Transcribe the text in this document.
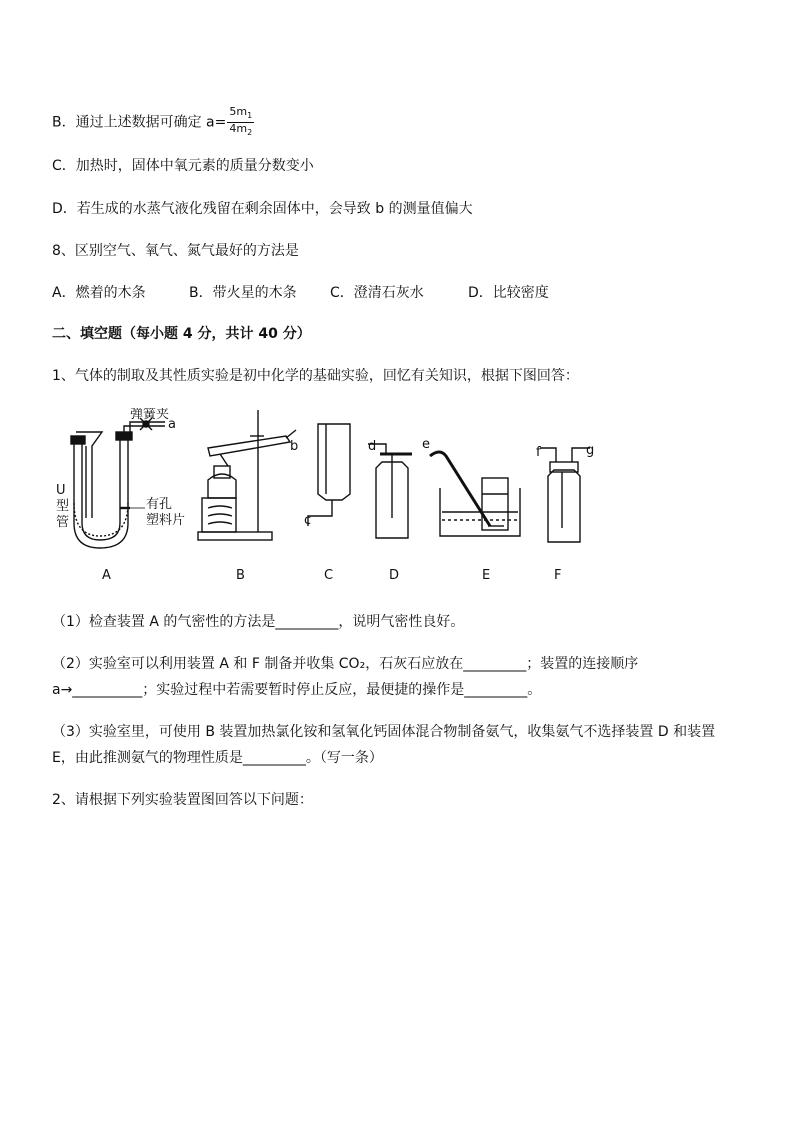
B．通过上述数据可确定 $a= \frac{5m_1}{4m_2}$
C．加热时，固体中氧元素的质量分数变小
D．若生成的水蒸气液化残留在剩余固体中，会导致 b 的测量值偏大
8、区别空气、氧气、氮气最好的方法是
A．燃着的木条	B．带火星的木条 C．澄清石灰水	D．比较密度
二、填空题（每小题 4 分，共计 40 分）
1、气体的制取及其性质实验是初中化学的基础实验，回忆有关知识，根据下图回答：
弹簧夹
a
U
型
管
有孔
塑料片
b
c
d	e
f	g
A	B	C	D	E	F
（1）检查装置 A 的气密性的方法是_________，说明气密性良好。
（2）实验室可以利用装置 A 和 F 制备并收集 CO₂，石灰石应放在_________；装置的连接顺序
a→__________；实验过程中若需要暂时停止反应，最便捷的操作是_________。
（3）实验室里，可使用 B 装置加热氯化铵和氢氧化钙固体混合物制备氨气，收集氨气不选择装置 D 和装置
E，由此推测氨气的物理性质是_________。（写一条）
2、请根据下列实验装置图回答以下问题：
